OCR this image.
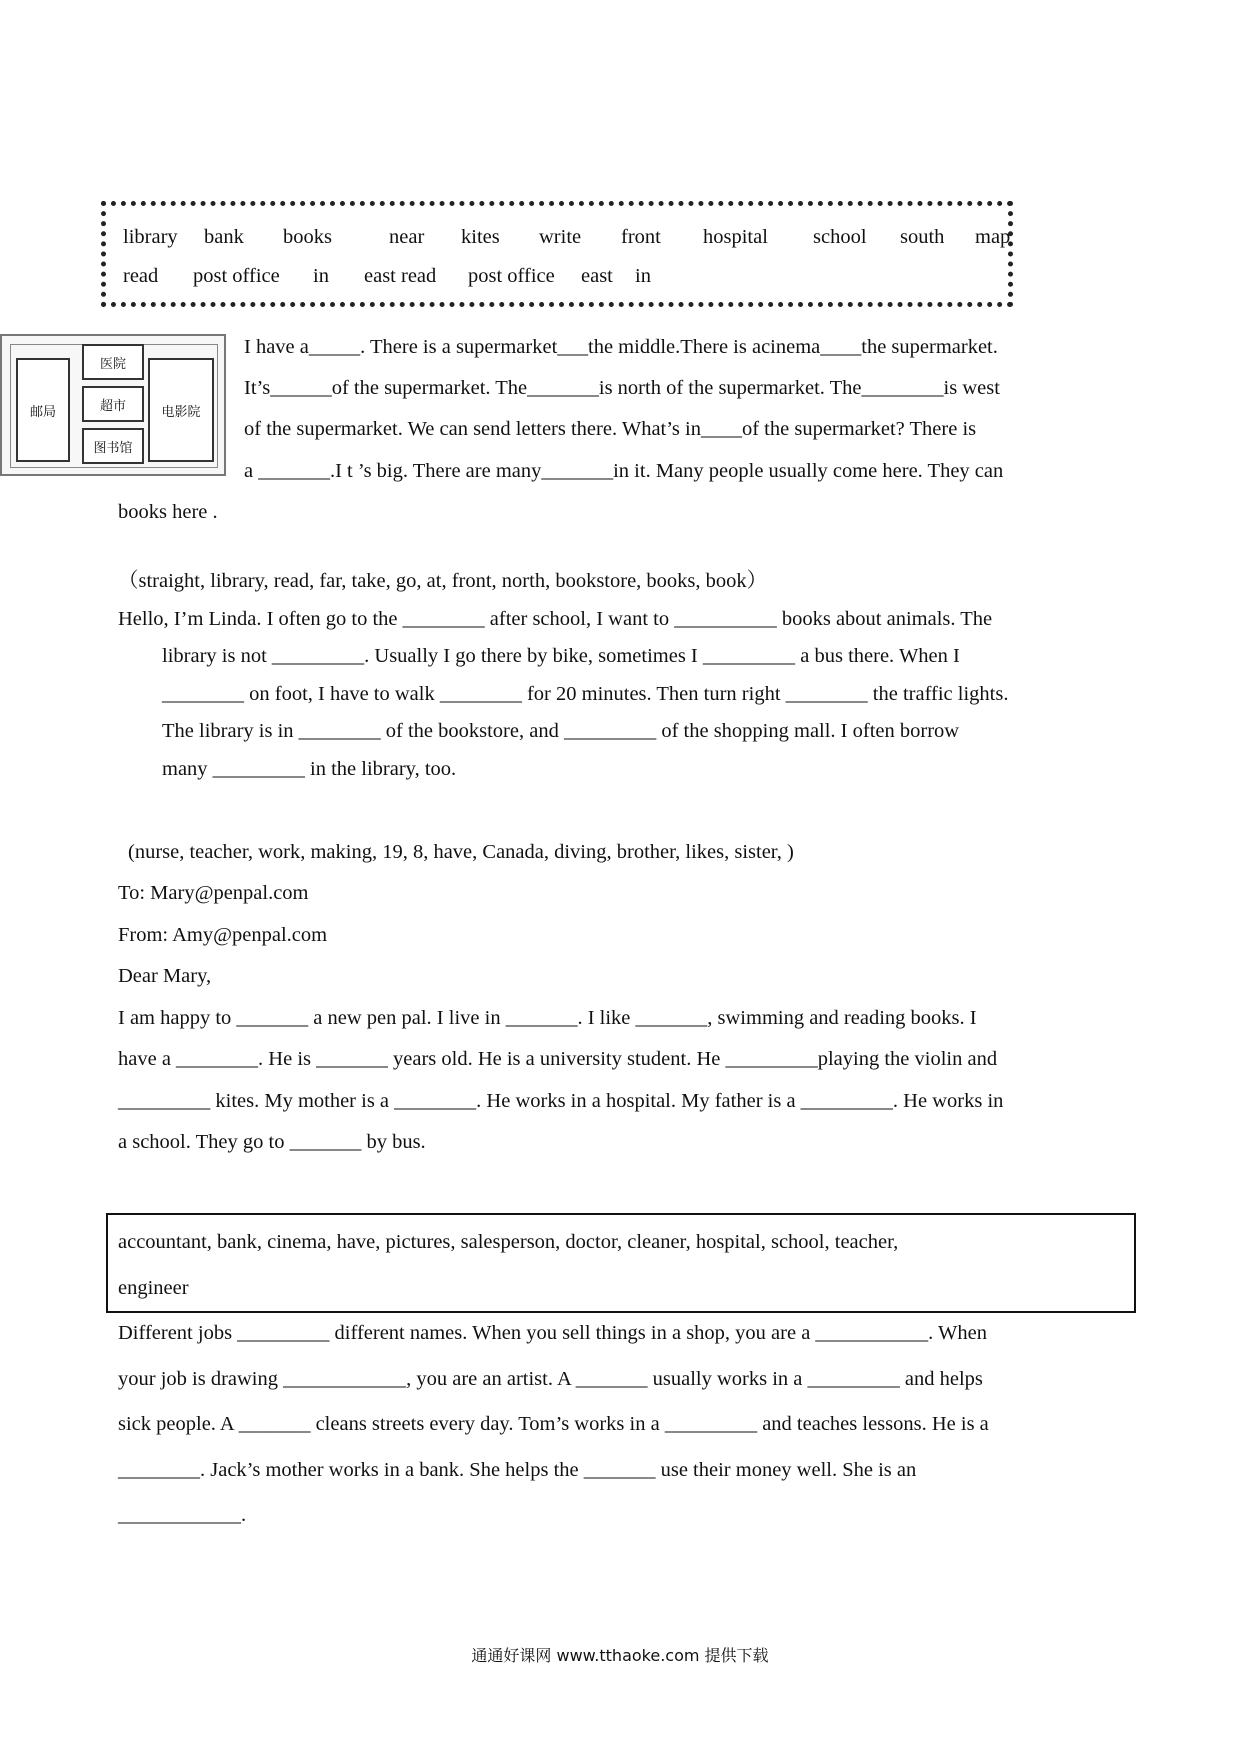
library bank books	near kites write front hospital school south map
read post office in east read post office east in
医院
邮局	超市	电影院
图书馆
I have a_____. There is a supermarket___the middle.There is acinema____the supermarket.
It’s______of the supermarket. The_______is north of the supermarket. The________is west
of the supermarket. We can send letters there. What’s in____of the supermarket? There is
a _______.I t ’s big. There are many_______in it. Many people usually come here. They can
books here .
（straight, library, read, far, take, go, at, front, north, bookstore, books, book）
Hello, I’m Linda. I often go to the ________ after school, I want to __________ books about animals. The
library is not _________. Usually I go there by bike, sometimes I _________ a bus there. When I
________ on foot, I have to walk ________ for 20 minutes. Then turn right ________ the traffic lights.
The library is in ________ of the bookstore, and _________ of the shopping mall. I often borrow
many _________ in the library, too.
(nurse, teacher, work, making, 19, 8, have, Canada, diving, brother, likes, sister, )
To: Mary@penpal.com
From: Amy@penpal.com
Dear Mary,
I am happy to _______ a new pen pal. I live in _______. I like _______, swimming and reading books. I
have a ________. He is _______ years old. He is a university student. He _________playing the violin and
_________ kites. My mother is a ________. He works in a hospital. My father is a _________. He works in
a school. They go to _______ by bus.
accountant, bank, cinema, have, pictures, salesperson, doctor, cleaner, hospital, school, teacher,
engineer
Different jobs _________ different names. When you sell things in a shop, you are a ___________. When
your job is drawing ____________, you are an artist. A _______ usually works in a _________ and helps
sick people. A _______ cleans streets every day. Tom’s works in a _________ and teaches lessons. He is a
________. Jack’s mother works in a bank. She helps the _______ use their money well. She is an
____________.
通通好课网 www.tthaoke.com 提供下载
